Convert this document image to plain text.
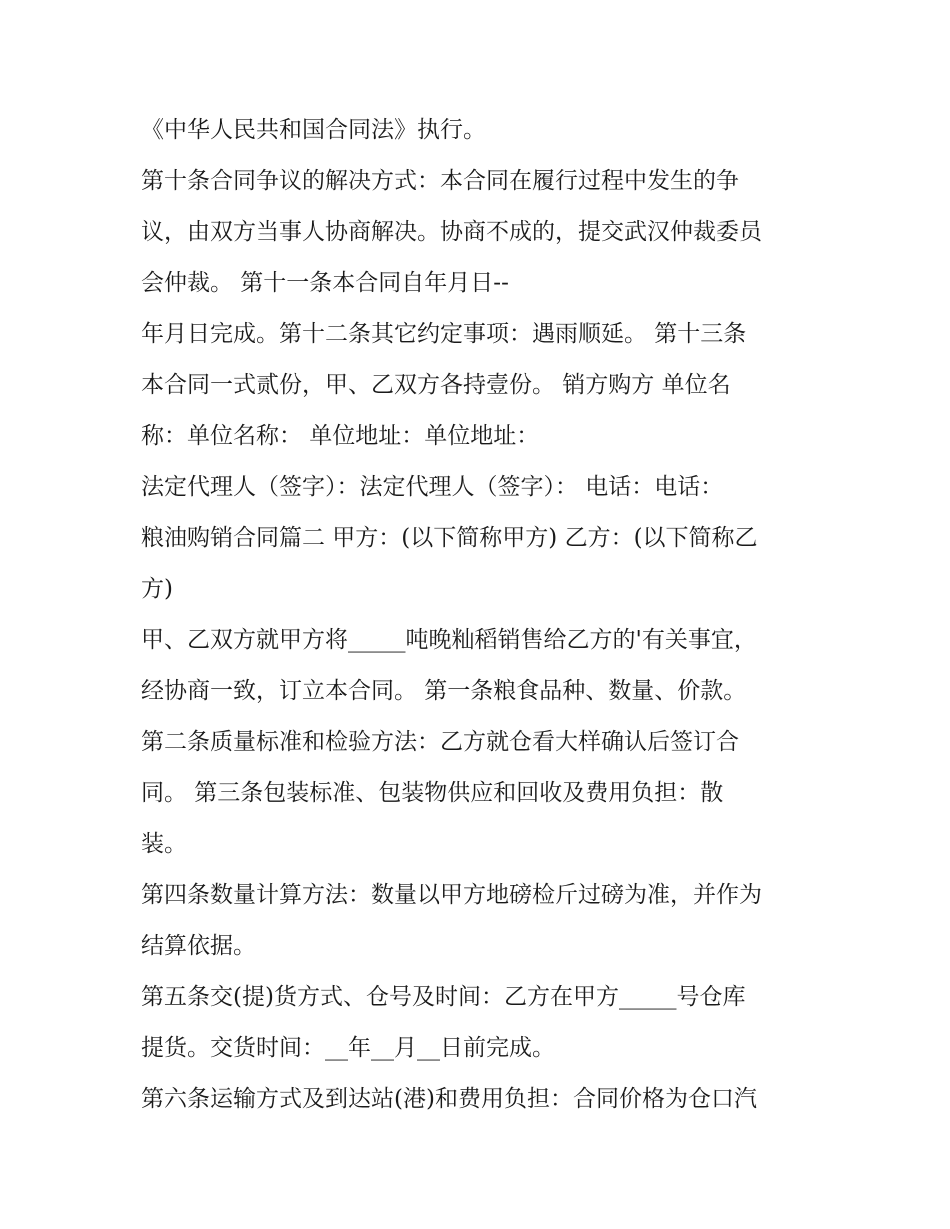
《中华人民共和国合同法》执行。
第十条合同争议的解决方式：本合同在履行过程中发生的争
议，由双方当事人协商解决。协商不成的，提交武汉仲裁委员
会仲裁。 第十一条本合同自年月日--
年月日完成。第十二条其它约定事项：遇雨顺延。 第十三条
本合同一式贰份，甲、乙双方各持壹份。 销方购方 单位名
称：单位名称： 单位地址：单位地址：
法定代理人（签字）：法定代理人（签字）： 电话：电话：
粮油购销合同篇二 甲方：(以下简称甲方) 乙方：(以下简称乙
方)
甲、乙双方就甲方将_____吨晚籼稻销售给乙方的'有关事宜，
经协商一致，订立本合同。 第一条粮食品种、数量、价款。
第二条质量标准和检验方法：乙方就仓看大样确认后签订合
同。 第三条包装标准、包装物供应和回收及费用负担：散
装。
第四条数量计算方法：数量以甲方地磅检斤过磅为准，并作为
结算依据。
第五条交(提)货方式、仓号及时间：乙方在甲方_____号仓库
提货。交货时间：__年__月__日前完成。
第六条运输方式及到达站(港)和费用负担：合同价格为仓口汽
